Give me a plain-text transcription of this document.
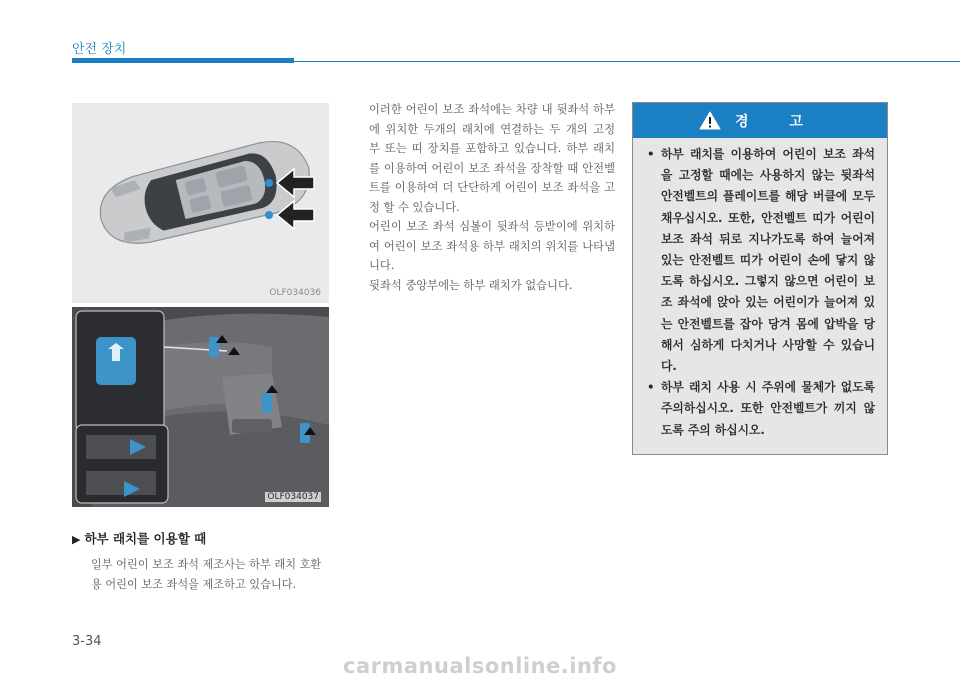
안전 장치
OLF034036
OLF034037
▶ 하부 래치를 이용할 때
일부 어린이 보조 좌석 제조사는 하부 래치 호환용 어린이 보조 좌석을 제조하고 있습니다.
3-34

이러한 어린이 보조 좌석에는 차량 내 뒷좌석 하부에 위치한 두개의 래치에 연결하는 두 개의 고정 부 또는 띠 장치를 포함하고 있습니다. 하부 래치를 이용하여 어린이 보조 좌석을 장착할 때 안전벨트를 이용하여 더 단단하게 어린이 보조 좌석을 고정 할 수 있습니다.

어린이 보조 좌석 심볼이 뒷좌석 등받이에 위치하여 어린이 보조 좌석용 하부 래치의 위치를 나타냅니다.

뒷좌석 중앙부에는 하부 래치가 없습니다.

경 고
• 하부 래치를 이용하여 어린이 보조 좌석을 고정할 때에는 사용하지 않는 뒷좌석 안전벨트의 플레이트를 해당 버클에 모두 채우십시오. 또한, 안전벨트 띠가 어린이 보조 좌석 뒤로 지나가도록 하여 늘어져 있는 안전벨트 띠가 어린이 손에 닿지 않도록 하십시오. 그렇지 않으면 어린이 보조 좌석에 앉아 있는 어린이가 늘어져 있는 안전벨트를 잡아 당겨 몸에 압박을 당해서 심하게 다치거나 사망할 수 있습니다.
• 하부 래치 사용 시 주위에 물체가 없도록 주의하십시오. 또한 안전벨트가 끼지 않도록 주의 하십시오.
carmanualsonline.info
